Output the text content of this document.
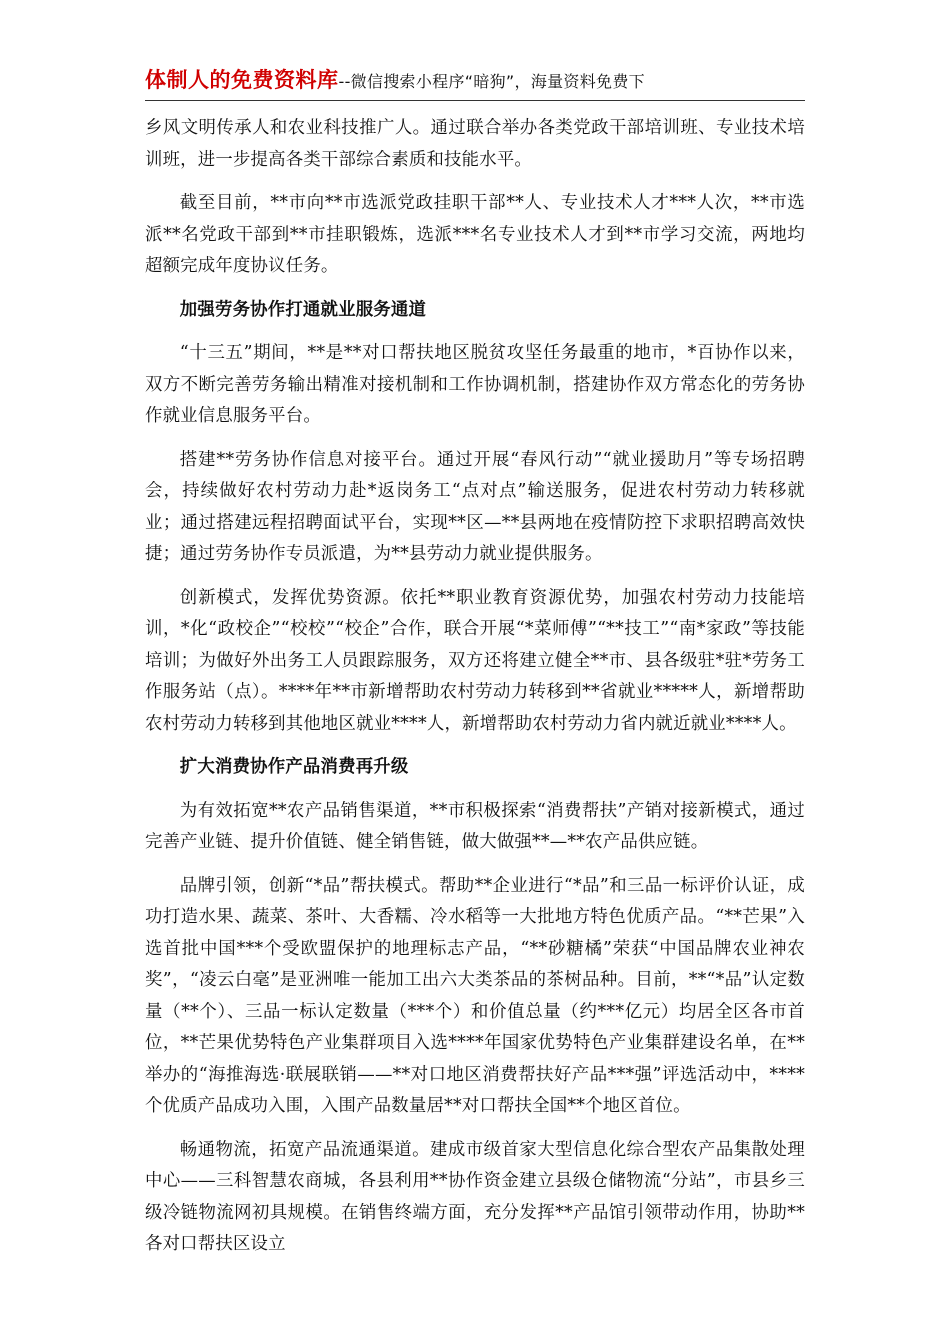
体制人的免费资料库--微信搜索小程序“暗狗”，海量资料免费下

乡风文明传承人和农业科技推广人。通过联合举办各类党政干部培训班、专业技术培训班，进一步提高各类干部综合素质和技能水平。

截至目前，**市向**市选派党政挂职干部**人、专业技术人才***人次，**市选派**名党政干部到**市挂职锻炼，选派***名专业技术人才到**市学习交流，两地均超额完成年度协议任务。

加强劳务协作打通就业服务通道

“十三五”期间，**是**对口帮扶地区脱贫攻坚任务最重的地市，*百协作以来，双方不断完善劳务输出精准对接机制和工作协调机制，搭建协作双方常态化的劳务协作就业信息服务平台。

搭建**劳务协作信息对接平台。通过开展“春风行动”“就业援助月”等专场招聘会，持续做好农村劳动力赴*返岗务工“点对点”输送服务，促进农村劳动力转移就业；通过搭建远程招聘面试平台，实现**区—**县两地在疫情防控下求职招聘高效快捷；通过劳务协作专员派遣，为**县劳动力就业提供服务。

创新模式，发挥优势资源。依托**职业教育资源优势，加强农村劳动力技能培训，*化“政校企”“校校”“校企”合作，联合开展“*菜师傅”“**技工”“南*家政”等技能培训；为做好外出务工人员跟踪服务，双方还将建立健全**市、县各级驻*驻*劳务工作服务站（点）。****年**市新增帮助农村劳动力转移到**省就业*****人，新增帮助农村劳动力转移到其他地区就业****人，新增帮助农村劳动力省内就近就业****人。

扩大消费协作产品消费再升级

为有效拓宽**农产品销售渠道，**市积极探索“消费帮扶”产销对接新模式，通过完善产业链、提升价值链、健全销售链，做大做强**—**农产品供应链。

品牌引领，创新“*品”帮扶模式。帮助**企业进行“*品”和三品一标评价认证，成功打造水果、蔬菜、茶叶、大香糯、冷水稻等一大批地方特色优质产品。“**芒果”入选首批中国***个受欧盟保护的地理标志产品，“**砂糖橘”荣获“中国品牌农业神农奖”，“凌云白毫”是亚洲唯一能加工出六大类茶品的茶树品种。目前，**“*品”认定数量（**个）、三品一标认定数量（***个）和价值总量（约***亿元）均居全区各市首位，**芒果优势特色产业集群项目入选****年国家优势特色产业集群建设名单，在**举办的“海推海选·联展联销——**对口地区消费帮扶好产品***强”评选活动中，****个优质产品成功入围，入围产品数量居**对口帮扶全国**个地区首位。

畅通物流，拓宽产品流通渠道。建成市级首家大型信息化综合型农产品集散处理中心——三科智慧农商城，各县利用**协作资金建立县级仓储物流“分站”，市县乡三级冷链物流网初具规模。在销售终端方面，充分发挥**产品馆引领带动作用，协助**各对口帮扶区设立
